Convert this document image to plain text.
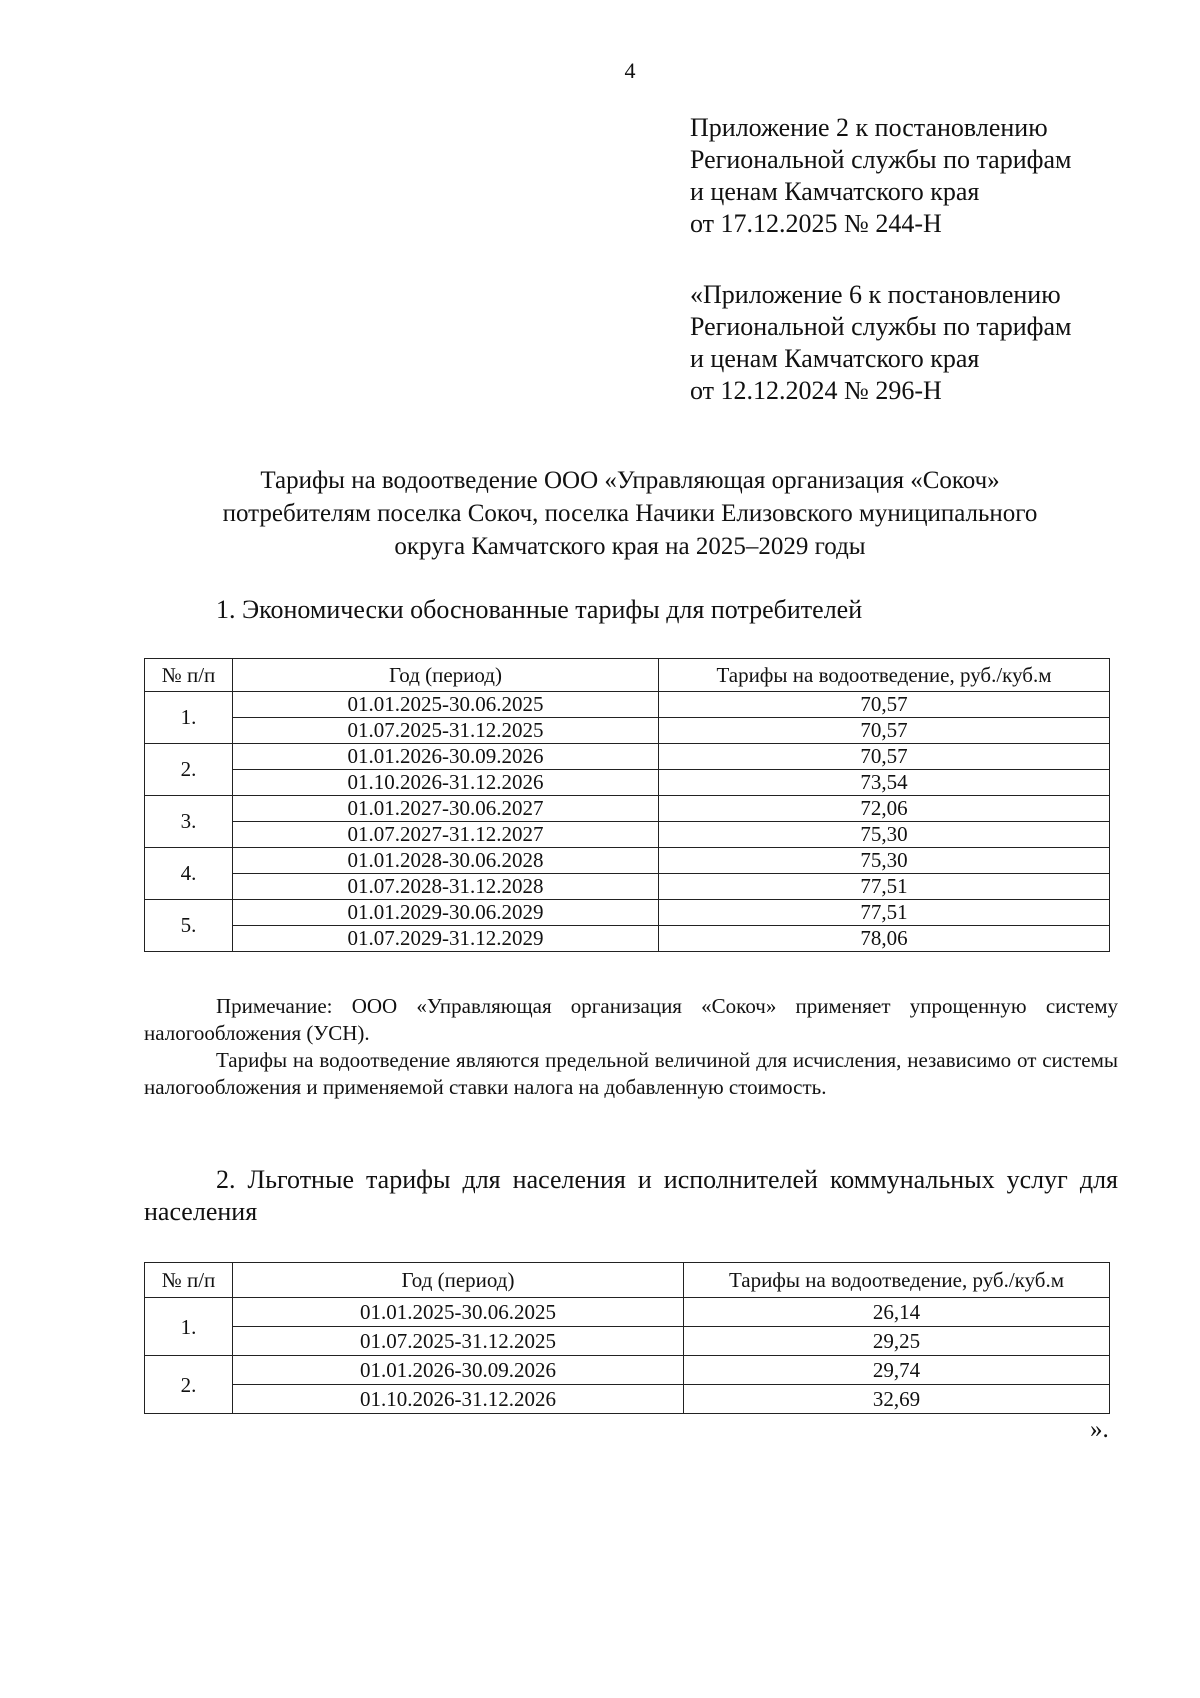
4
Приложение 2 к постановлению
Региональной службы по тарифам
и ценам Камчатского края
от 17.12.2025 № 244-Н
«Приложение 6 к постановлению
Региональной службы по тарифам
и ценам Камчатского края
от 12.12.2024 № 296-Н
Тарифы на водоотведение ООО «Управляющая организация «Сокоч»
потребителям поселка Сокоч, поселка Начики Елизовского муниципального
округа Камчатского края на 2025–2029 годы
1. Экономически обоснованные тарифы для потребителей
№ п/п	Год (период)	Тарифы на водоотведение, руб./куб.м
1.	01.01.2025-30.06.2025	70,57
	01.07.2025-31.12.2025	70,57
2.	01.01.2026-30.09.2026	70,57
	01.10.2026-31.12.2026	73,54
3.	01.01.2027-30.06.2027	72,06
	01.07.2027-31.12.2027	75,30
4.	01.01.2028-30.06.2028	75,30
	01.07.2028-31.12.2028	77,51
5.	01.01.2029-30.06.2029	77,51
	01.07.2029-31.12.2029	78,06

Примечание: ООО «Управляющая организация «Сокоч» применяет упрощенную систему налогообложения (УСН).

Тарифы на водоотведение являются предельной величиной для исчисления, независимо от системы налогообложения и применяемой ставки налога на добавленную стоимость.

2. Льготные тарифы для населения и исполнителей коммунальных услуг для населения
№ п/п	Год (период)	Тарифы на водоотведение, руб./куб.м
1.	01.01.2025-30.06.2025	26,14
	01.07.2025-31.12.2025	29,25
2.	01.01.2026-30.09.2026	29,74
	01.10.2026-31.12.2026	32,69
».
